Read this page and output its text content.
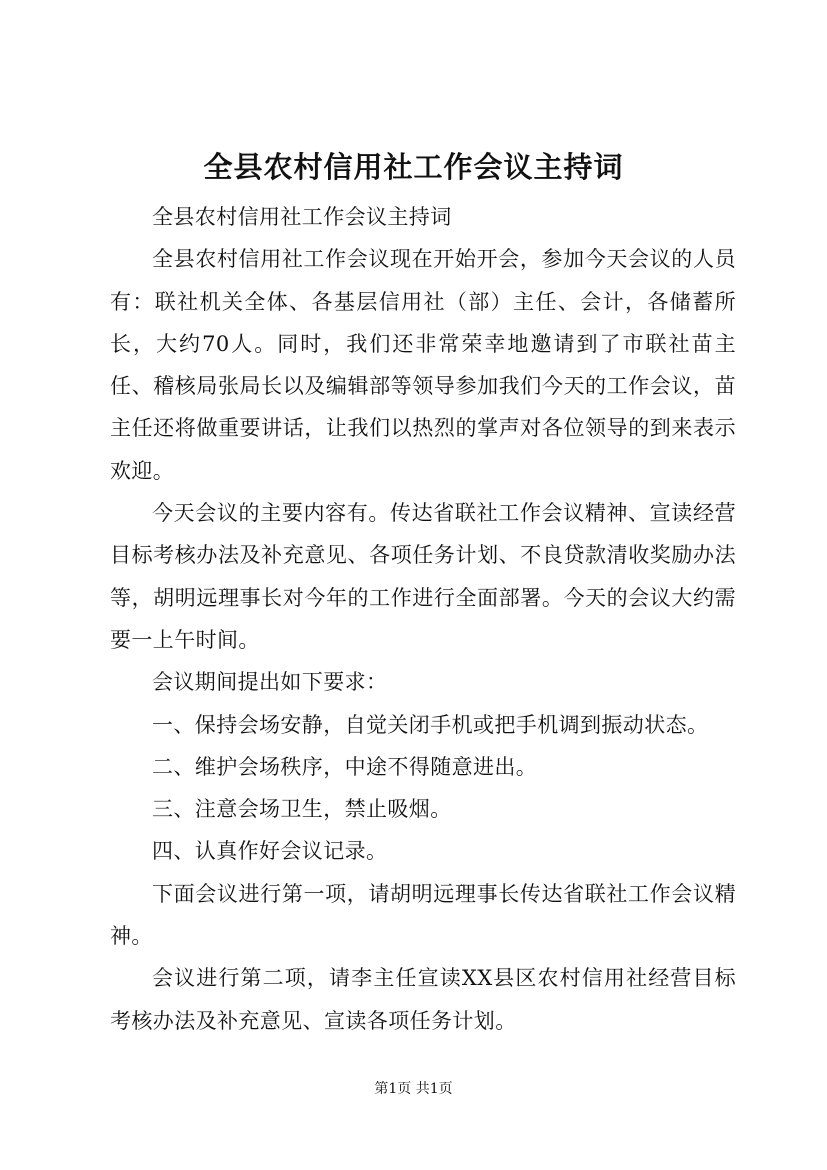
全县农村信用社工作会议主持词

全县农村信用社工作会议主持词

全县农村信用社工作会议现在开始开会，参加今天会议的人员有：联社机关全体、各基层信用社（部）主任、会计，各储蓄所长，大约70人。同时，我们还非常荣幸地邀请到了市联社苗主任、稽核局张局长以及编辑部等领导参加我们今天的工作会议，苗主任还将做重要讲话，让我们以热烈的掌声对各位领导的到来表示欢迎。

今天会议的主要内容有。传达省联社工作会议精神、宣读经营目标考核办法及补充意见、各项任务计划、不良贷款清收奖励办法等，胡明远理事长对今年的工作进行全面部署。今天的会议大约需要一上午时间。

会议期间提出如下要求：

一、保持会场安静，自觉关闭手机或把手机调到振动状态。

二、维护会场秩序，中途不得随意进出。

三、注意会场卫生，禁止吸烟。

四、认真作好会议记录。

下面会议进行第一项，请胡明远理事长传达省联社工作会议精神。

会议进行第二项，请李主任宣读XX县区农村信用社经营目标考核办法及补充意见、宣读各项任务计划。

第1页 共1页
